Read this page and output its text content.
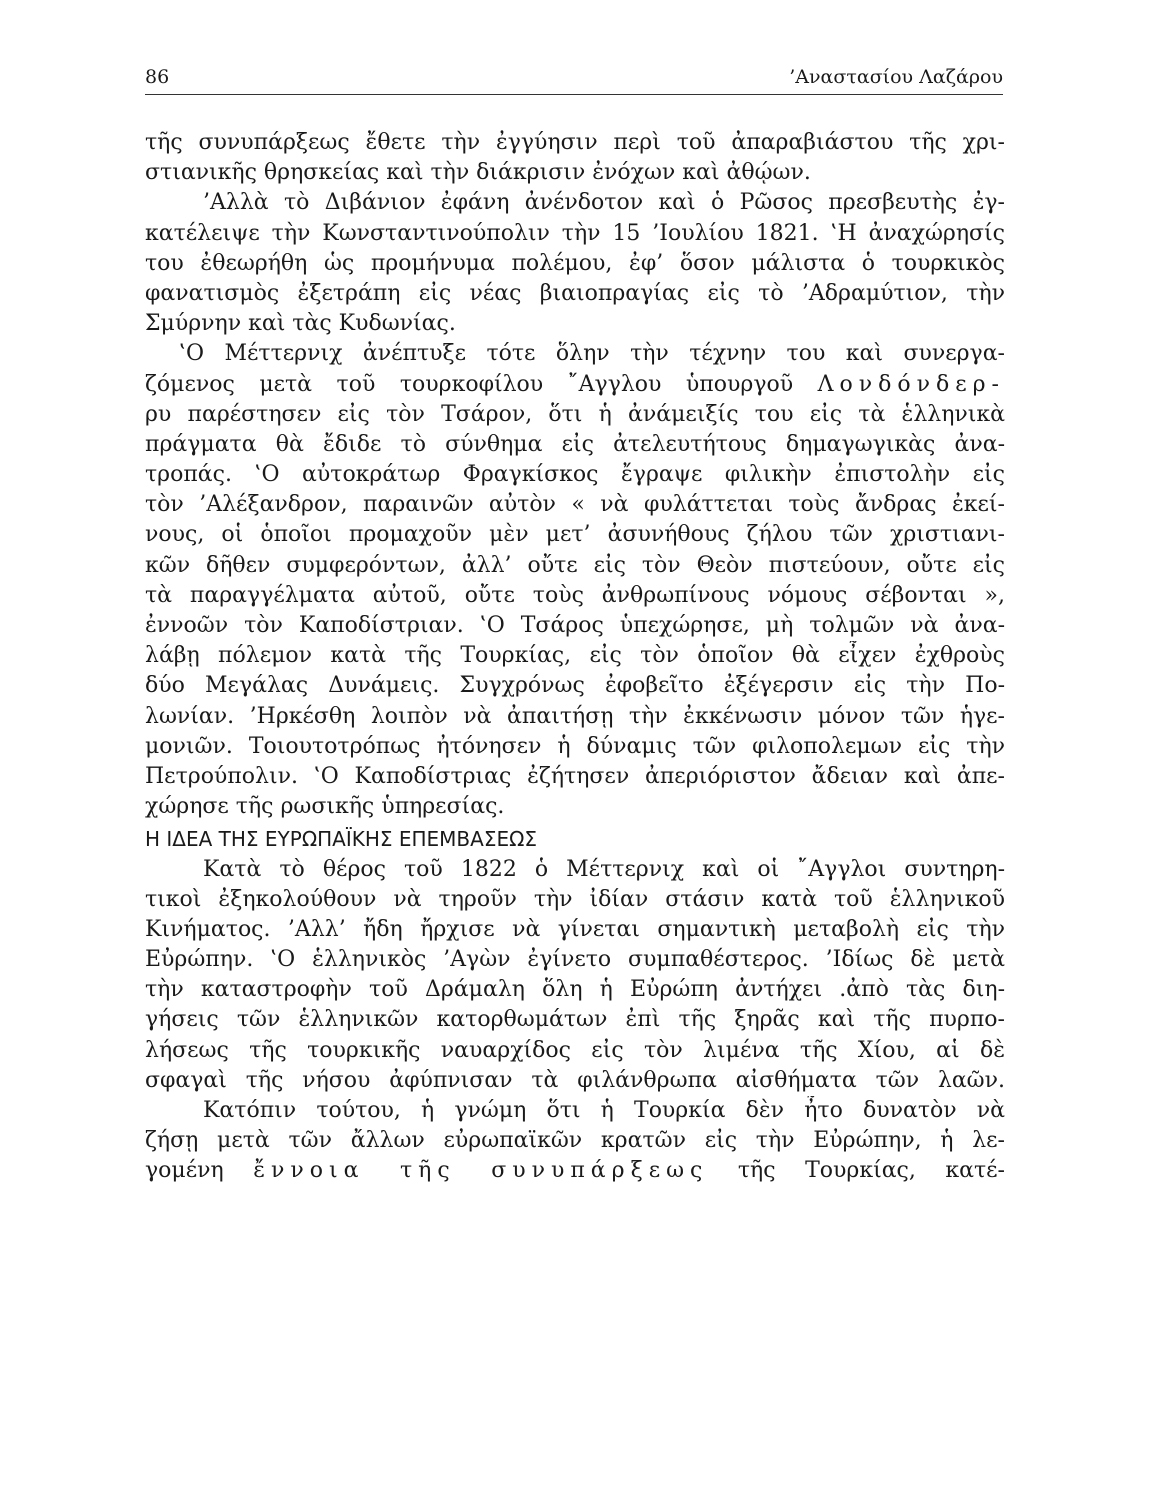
86	’Αναστασίου Λαζάρου
τῆς συνυπάρξεως ἔθετε τὴν ἐγγύησιν περὶ τοῦ ἀπαραβιάστου τῆς χρι-
στιανικῆς θρησκείας καὶ τὴν διάκρισιν ἐνόχων καὶ ἀθῴων.
’Αλλὰ τὸ Διβάνιον ἐφάνη ἀνένδοτον καὶ ὁ Ρῶσος πρεσβευτὴς ἐγ-
κατέλειψε τὴν Κωνσταντινούπολιν τὴν 15 ’Ιουλίου 1821. ‛Η ἀναχώρησίς
του ἐθεωρήθη ὡς προμήνυμα πολέμου, ἐφ’ ὅσον μάλιστα ὁ τουρκικὸς
φανατισμὸς ἐξετράπη εἰς νέας βιαιοπραγίας εἰς τὸ ’Αδραμύτιον, τὴν
Σμύρνην καὶ τὰς Κυδωνίας.
‛Ο Μέττερνιχ ἀνέπτυξε τότε ὅλην τὴν τέχνην του καὶ συνεργα-
ζόμενος μετὰ τοῦ τουρκοφίλου ῎Αγγλου ὑπουργοῦ Λονδόνδερ-
ρυ παρέστησεν εἰς τὸν Τσάρον, ὅτι ἡ ἀνάμειξίς του εἰς τὰ ἑλληνικὰ
πράγματα θὰ ἔδιδε τὸ σύνθημα εἰς ἀτελευτήτους δημαγωγικὰς ἀνα-
τροπάς. ‛Ο αὐτοκράτωρ Φραγκίσκος ἔγραψε φιλικὴν ἐπιστολὴν εἰς
τὸν ’Αλέξανδρον, παραινῶν αὐτὸν « νὰ φυλάττεται τοὺς ἄνδρας ἐκεί-
νους, οἱ ὁποῖοι προμαχοῦν μὲν μετ’ ἀσυνήθους ζήλου τῶν χριστιανι-
κῶν δῆθεν συμφερόντων, ἀλλ’ οὔτε εἰς τὸν Θεὸν πιστεύουν, οὔτε εἰς
τὰ παραγγέλματα αὐτοῦ, οὔτε τοὺς ἀνθρωπίνους νόμους σέβονται »,
ἐννοῶν τὸν Καποδίστριαν. ‛Ο Τσάρος ὑπεχώρησε, μὴ τολμῶν νὰ ἀνα-
λάβῃ πόλεμον κατὰ τῆς Τουρκίας, εἰς τὸν ὁποῖον θὰ εἶχεν ἐχθροὺς
δύο Μεγάλας Δυνάμεις. Συγχρόνως ἐφοβεῖτο ἐξέγερσιν εἰς τὴν Πο-
λωνίαν. ’Ηρκέσθη λοιπὸν νὰ ἀπαιτήσῃ τὴν ἐκκένωσιν μόνον τῶν ἡγε-
μονιῶν. Τοιουτοτρόπως ἠτόνησεν ἡ δύναμις τῶν φιλοπολεμων εἰς τὴν
Πετρούπολιν. ‛Ο Καποδίστριας ἐζήτησεν ἀπεριόριστον ἄδειαν καὶ ἀπε-
χώρησε τῆς ρωσικῆς ὑπηρεσίας.
Η ΙΔΕΑ ΤΗΣ ΕΥΡΩΠΑΪΚΗΣ ΕΠΕΜΒΑΣΕΩΣ
Κατὰ τὸ θέρος τοῦ 1822 ὁ Μέττερνιχ καὶ οἱ ῎Αγγλοι συντηρη-
τικοὶ ἐξηκολούθουν νὰ τηροῦν τὴν ἰδίαν στάσιν κατὰ τοῦ ἑλληνικοῦ
Κινήματος. ’Αλλ’ ἤδη ἤρχισε νὰ γίνεται σημαντικὴ μεταβολὴ εἰς τὴν
Εὐρώπην. ‛Ο ἑλληνικὸς ’Αγὼν ἐγίνετο συμπαθέστερος. ’Ιδίως δὲ μετὰ
τὴν καταστροφὴν τοῦ Δράμαλη ὅλη ἡ Εὐρώπη ἀντήχει .ἀπὸ τὰς διη-
γήσεις τῶν ἑλληνικῶν κατορθωμάτων ἐπὶ τῆς ξηρᾶς καὶ τῆς πυρπο-
λήσεως τῆς τουρκικῆς ναυαρχίδος εἰς τὸν λιμένα τῆς Χίου, αἱ δὲ
σφαγαὶ τῆς νήσου ἀφύπνισαν τὰ φιλάνθρωπα αἰσθήματα τῶν λαῶν.
Κατόπιν τούτου, ἡ γνώμη ὅτι ἡ Τουρκία δὲν ἦτο δυνατὸν νὰ
ζήσῃ μετὰ τῶν ἄλλων εὐρωπαϊκῶν κρατῶν εἰς τὴν Εὐρώπην, ἡ λε-
γομένη ἔννοια τῆς συνυπάρξεως τῆς Τουρκίας, κατέ-
